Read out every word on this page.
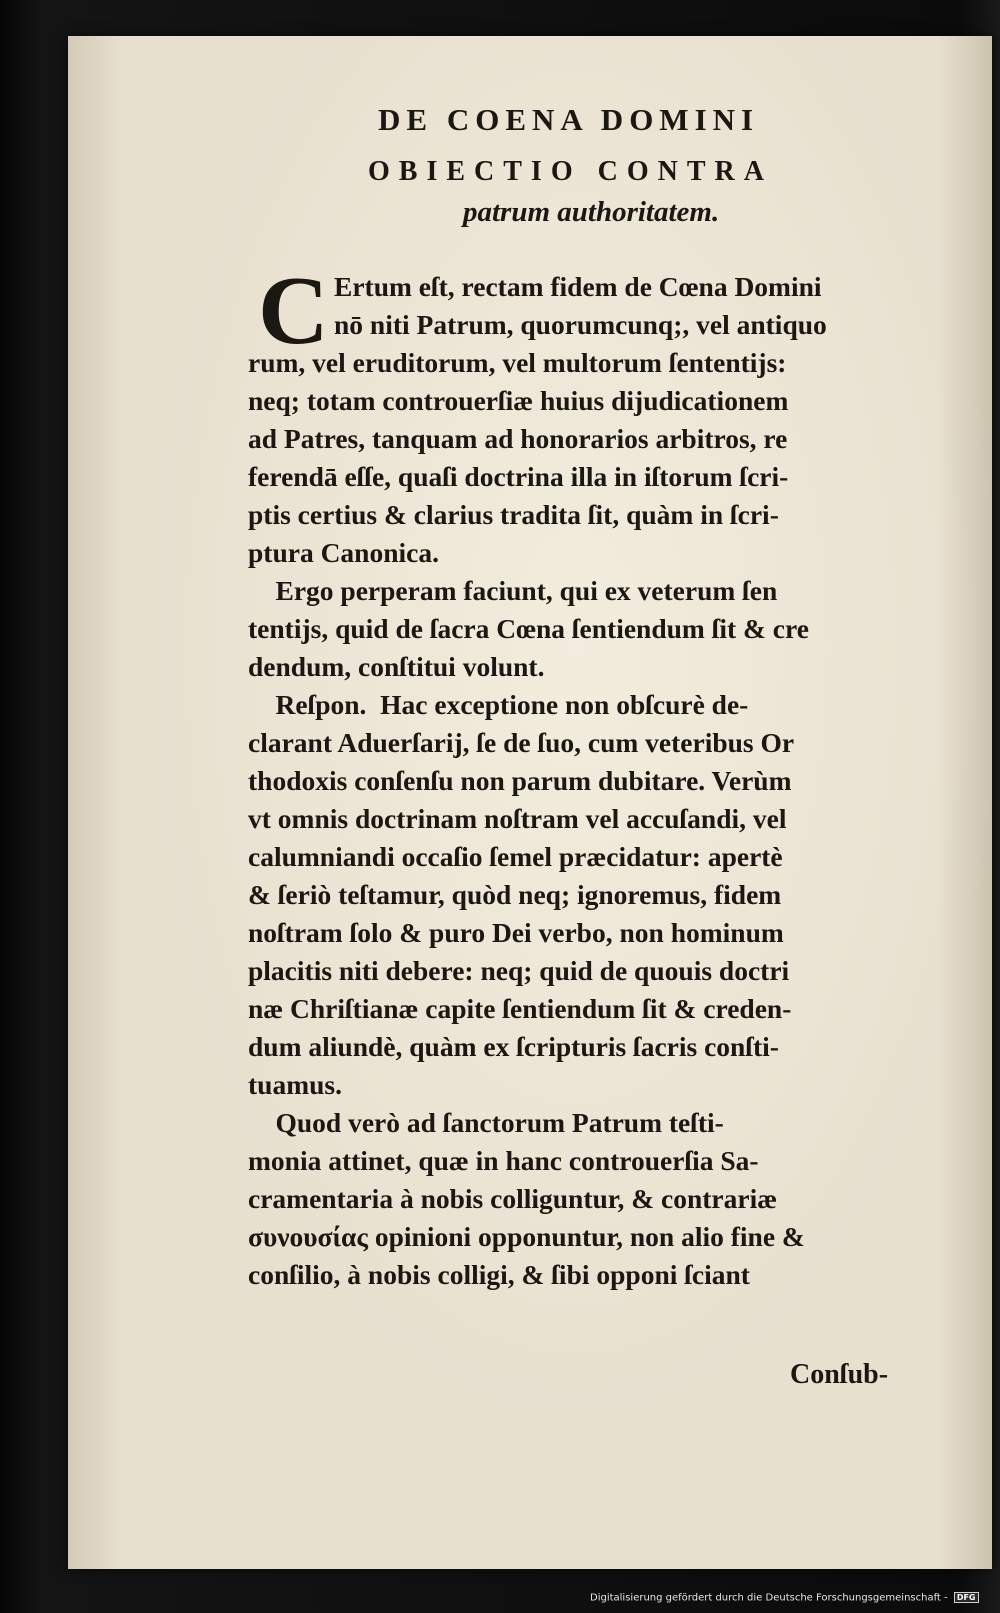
DE COENA DOMINI
OBIECTIO CONTRA
patrum authoritatem.
C Ertum eſt, rectam fidem de Cœna Domini
nō niti Patrum, quorumcunq;, vel antiquo
rum, vel eruditorum, vel multorum ſententijs:
neq; totam controuerſiæ huius dijudicationem
ad Patres, tanquam ad honorarios arbitros, re
ferendā eſſe, quaſi doctrina illa in iſtorum ſcri-
ptis certius & clarius tradita ſit, quàm in ſcri-
ptura Canonica.
Ergo perperam faciunt, qui ex veterum ſen
tentijs, quid de ſacra Cœna ſentiendum ſit & cre
dendum, conſtitui volunt.
Reſpon.  Hac exceptione non obſcurè de-
clarant Aduerſarij, ſe de ſuo, cum veteribus Or
thodoxis conſenſu non parum dubitare. Verùm
vt omnis doctrinam noſtram vel accuſandi, vel
calumniandi occaſio ſemel præcidatur: apertè
& ſeriò teſtamur, quòd neq; ignoremus, fidem
noſtram ſolo & puro Dei verbo, non hominum
placitis niti debere: neq; quid de quouis doctri
næ Chriſtianæ capite ſentiendum ſit & creden-
dum aliundè, quàm ex ſcripturis ſacris conſti-
tuamus.
Quod verò ad ſanctorum Patrum teſti-
monia attinet, quæ in hanc controuerſia Sa-
cramentaria à nobis colliguntur, & contrariæ
συνουσίας opinioni opponuntur, non alio fine &
conſilio, à nobis colligi, & ſibi opponi ſciant
Conſub-
Digitalisierung gefördert durch die Deutsche Forschungsgemeinschaft - DFG
